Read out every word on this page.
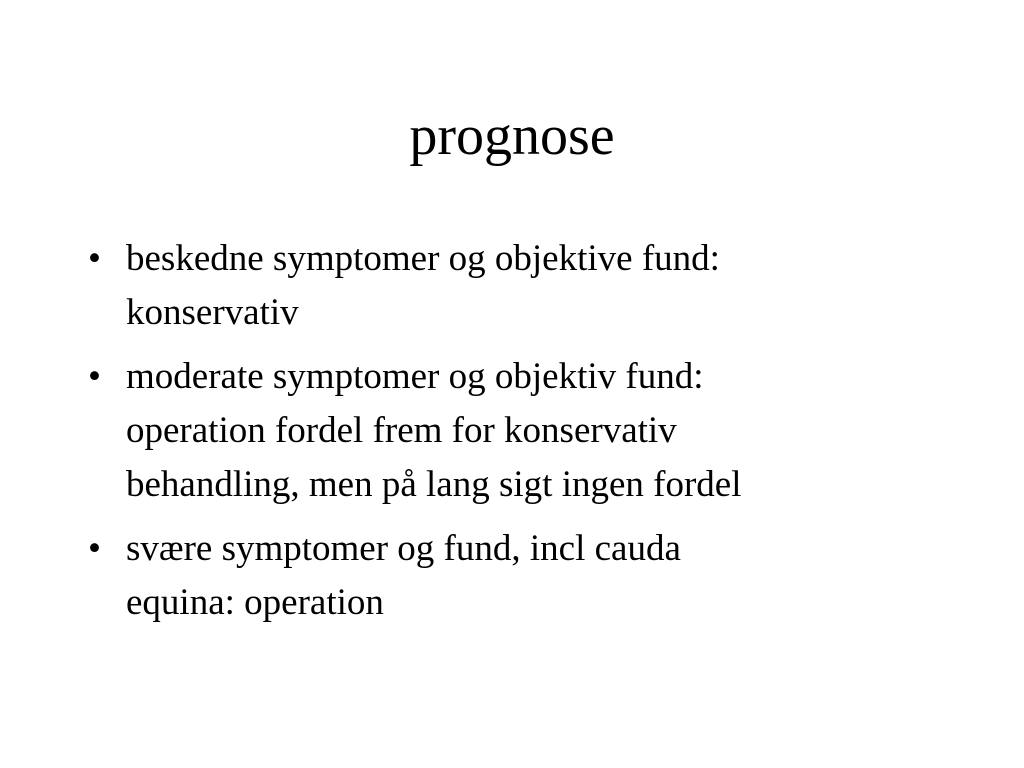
prognose
• beskedne symptomer og objektive fund:
konservativ
• moderate symptomer og objektiv fund:
operation fordel frem for konservativ
behandling, men på lang sigt ingen fordel
• svære symptomer og fund, incl cauda
equina: operation
